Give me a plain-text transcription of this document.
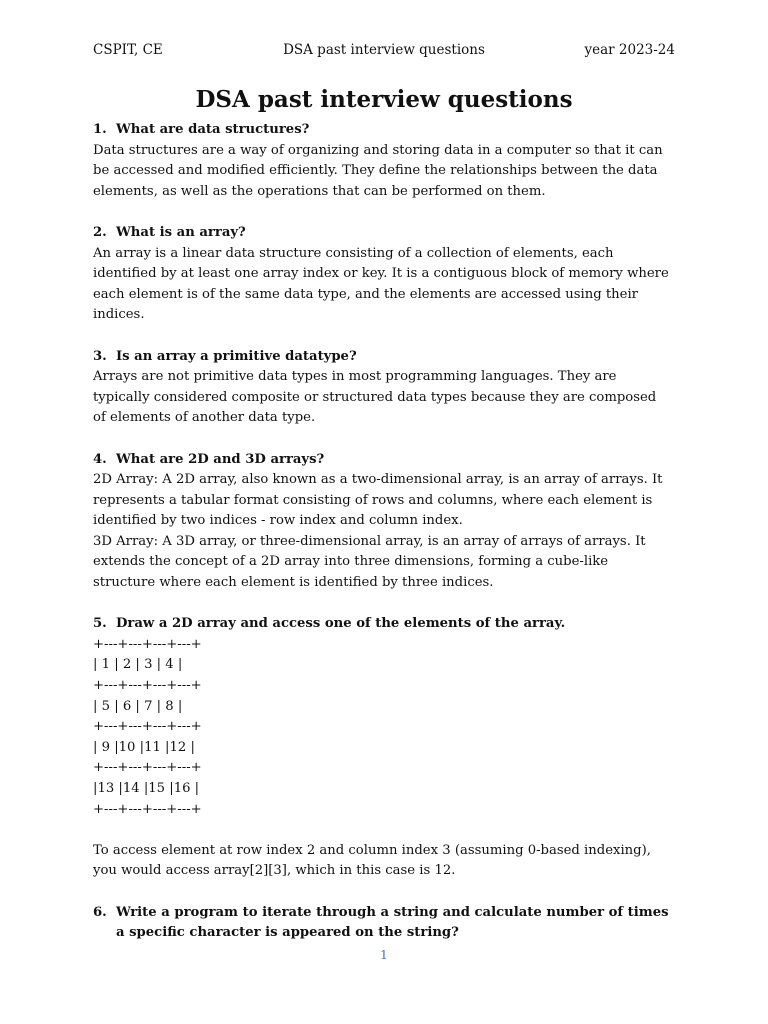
CSPIT, CE	DSA past interview questions	year 2023-24
DSA past interview questions
1. What are data structures?

Data structures are a way of organizing and storing data in a computer so that it can be accessed and modified efficiently. They define the relationships between the data elements, as well as the operations that can be performed on them.

2. What is an array?

An array is a linear data structure consisting of a collection of elements, each identified by at least one array index or key. It is a contiguous block of memory where each element is of the same data type, and the elements are accessed using their indices.

3. Is an array a primitive datatype?

Arrays are not primitive data types in most programming languages. They are typically considered composite or structured data types because they are composed of elements of another data type.

4. What are 2D and 3D arrays?

2D Array: A 2D array, also known as a two-dimensional array, is an array of arrays. It represents a tabular format consisting of rows and columns, where each element is identified by two indices - row index and column index.

3D Array: A 3D array, or three-dimensional array, is an array of arrays of arrays. It extends the concept of a 2D array into three dimensions, forming a cube-like structure where each element is identified by three indices.

5. Draw a 2D array and access one of the elements of the array.
+---+---+---+---+
| 1 | 2 | 3 | 4 |
+---+---+---+---+
| 5 | 6 | 7 | 8 |
+---+---+---+---+
| 9 |10 |11 |12 |
+---+---+---+---+
|13 |14 |15 |16 |
+---+---+---+---+

To access element at row index 2 and column index 3 (assuming 0-based indexing), you would access array[2][3], which in this case is 12.

6. Write a program to iterate through a string and calculate number of times a specific character is appeared on the string?
1
